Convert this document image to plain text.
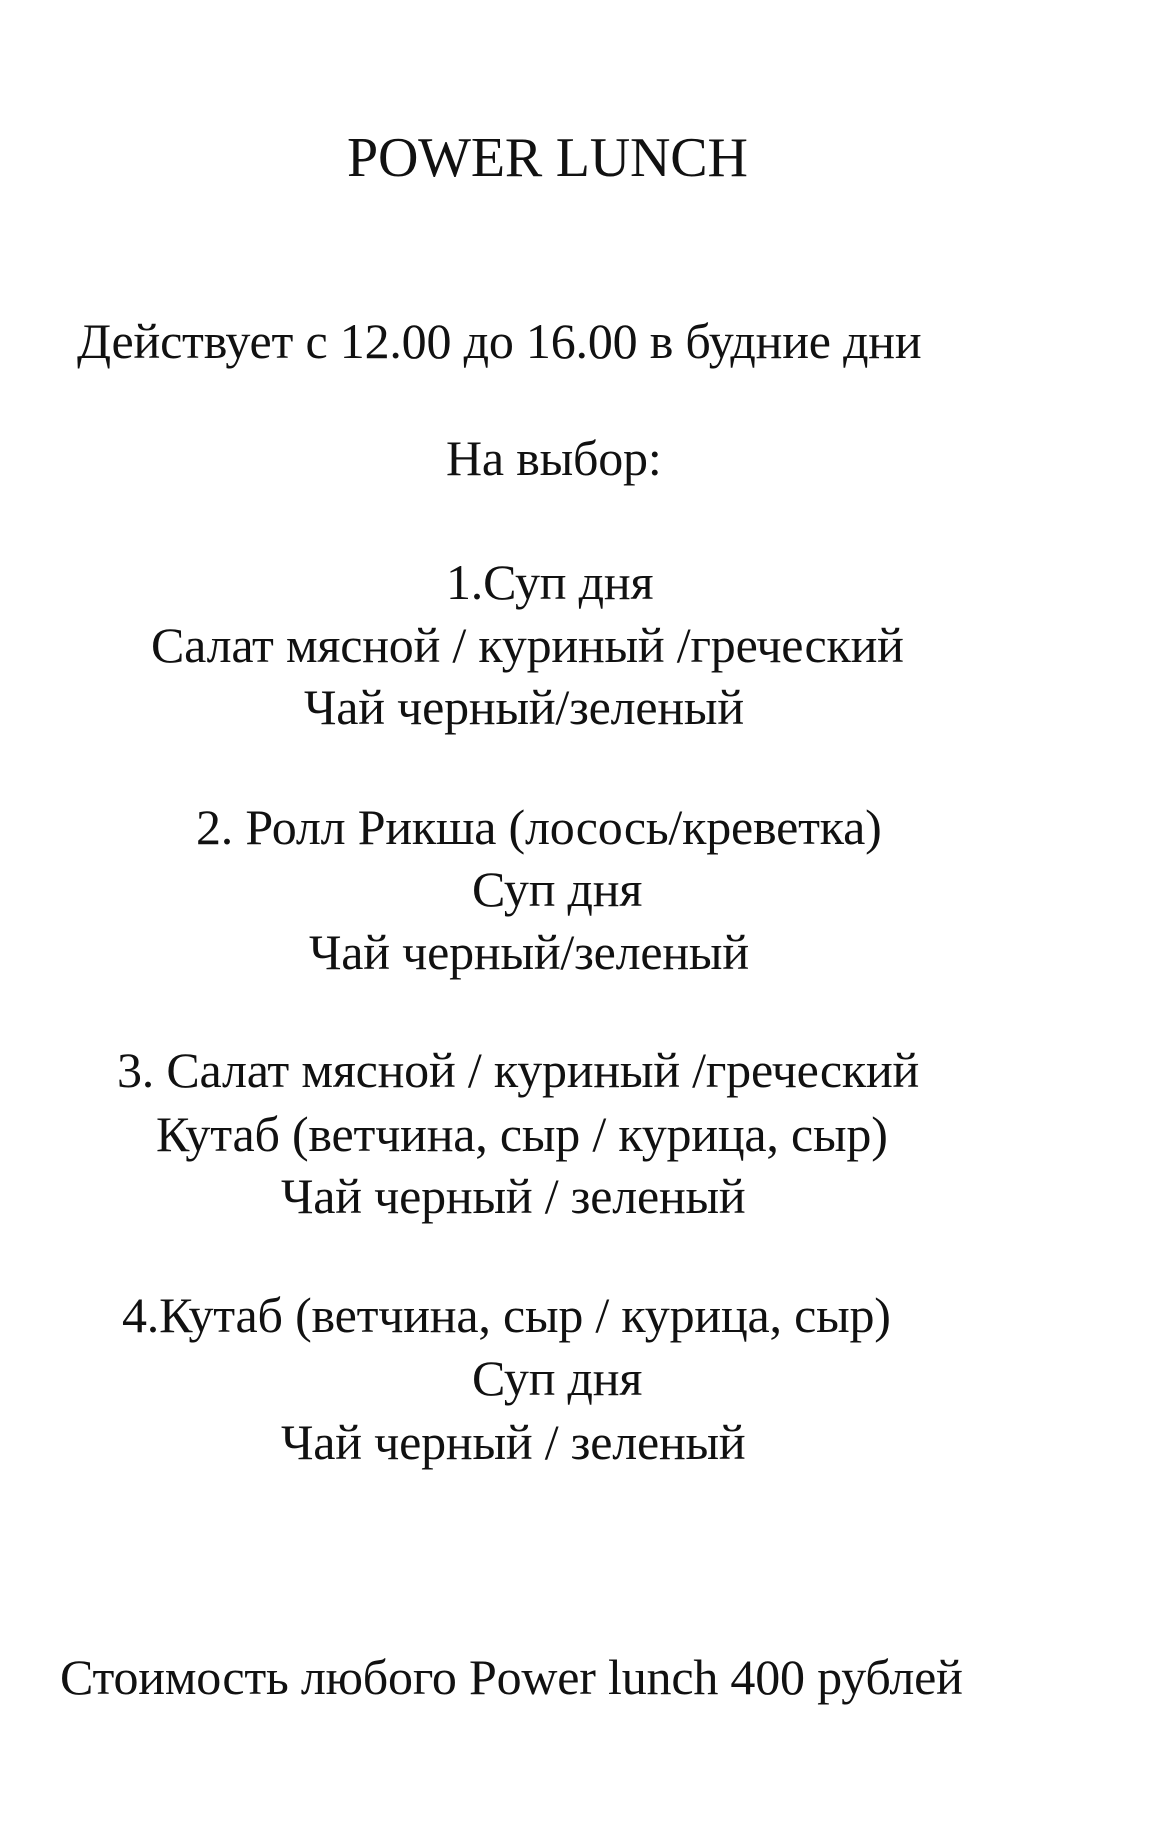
POWER LUNCH
Действует с 12.00 до 16.00 в будние дни
На выбор:
1.Суп дня
Салат мясной / куриный /греческий
Чай черный/зеленый
2. Ролл Рикша (лосось/креветка)
Суп дня
Чай черный/зеленый
3. Салат мясной / куриный /греческий
Кутаб (ветчина, сыр / курица, сыр)
Чай черный / зеленый
4.Кутаб (ветчина, сыр / курица, сыр)
Суп дня
Чай черный / зеленый
Стоимость любого Power lunch 400 рублей
